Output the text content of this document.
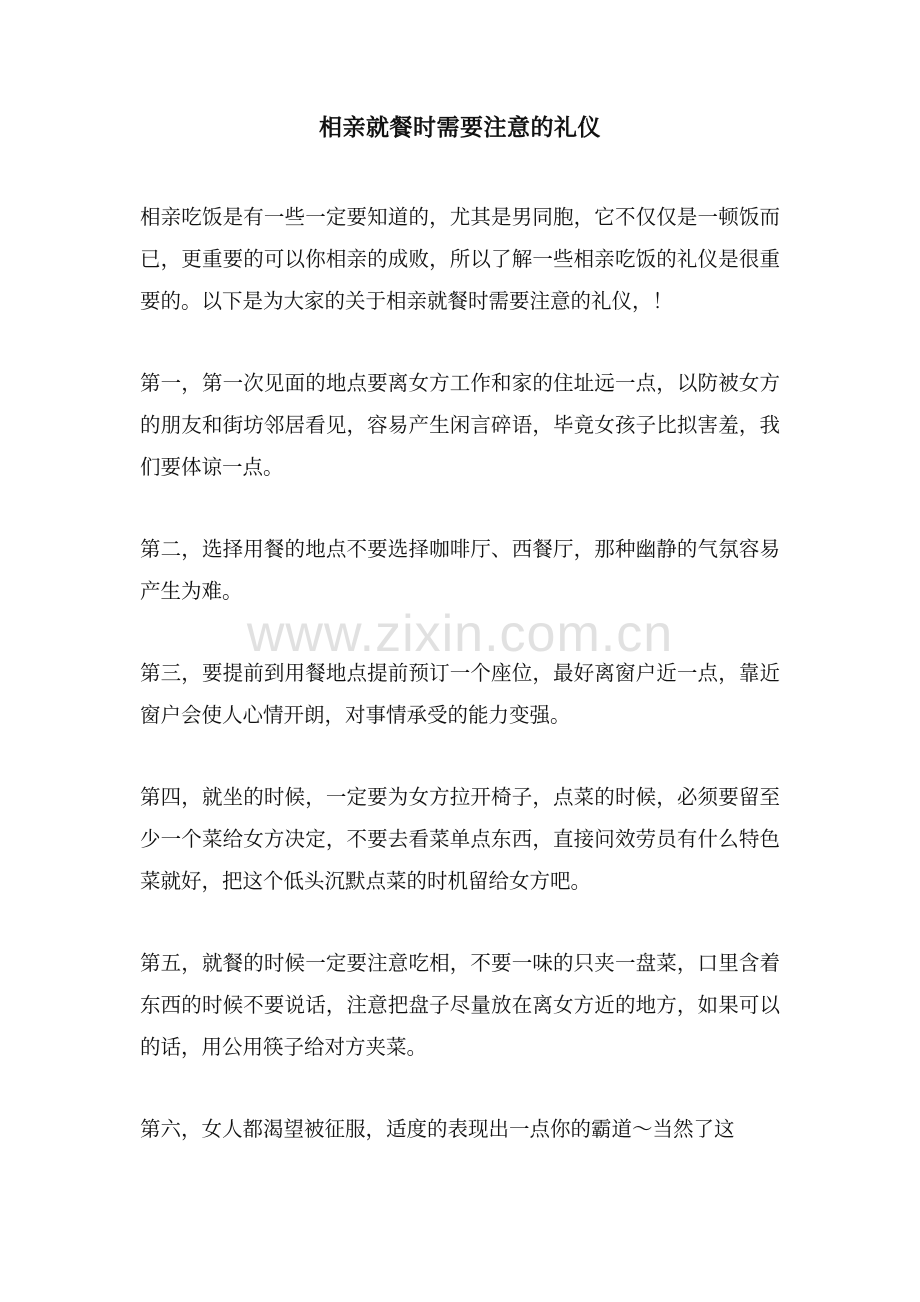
相亲就餐时需要注意的礼仪

相亲吃饭是有一些一定要知道的，尤其是男同胞，它不仅仅是一顿饭而已，更重要的可以你相亲的成败，所以了解一些相亲吃饭的礼仪是很重要的。以下是为大家的关于相亲就餐时需要注意的礼仪，！

第一，第一次见面的地点要离女方工作和家的住址远一点，以防被女方的朋友和街坊邻居看见，容易产生闲言碎语，毕竟女孩子比拟害羞，我们要体谅一点。

第二，选择用餐的地点不要选择咖啡厅、西餐厅，那种幽静的气氛容易产生为难。

第三，要提前到用餐地点提前预订一个座位，最好离窗户近一点，靠近窗户会使人心情开朗，对事情承受的能力变强。

第四，就坐的时候，一定要为女方拉开椅子，点菜的时候，必须要留至少一个菜给女方决定，不要去看菜单点东西，直接问效劳员有什么特色菜就好，把这个低头沉默点菜的时机留给女方吧。

第五，就餐的时候一定要注意吃相，不要一味的只夹一盘菜，口里含着东西的时候不要说话，注意把盘子尽量放在离女方近的地方，如果可以的话，用公用筷子给对方夹菜。

第六，女人都渴望被征服，适度的表现出一点你的霸道～当然了这

www.zixin.com.cn
